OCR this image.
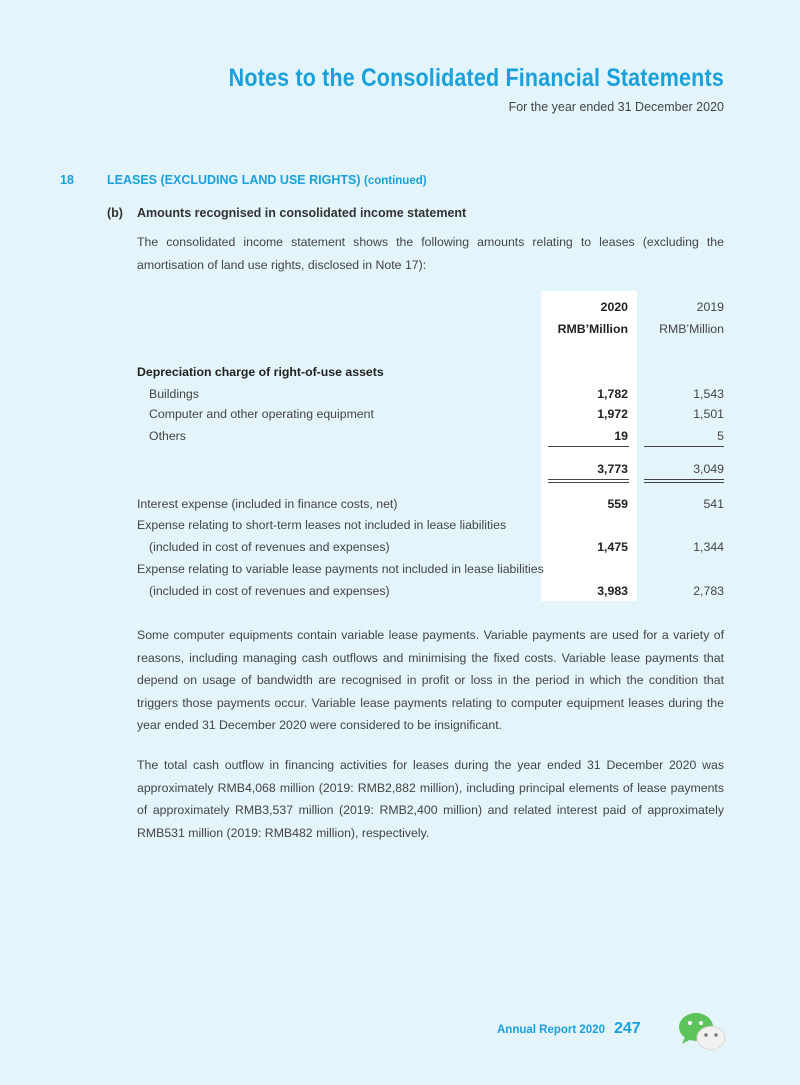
Notes to the Consolidated Financial Statements
For the year ended 31 December 2020
18	LEASES (EXCLUDING LAND USE RIGHTS) (continued)
(b) Amounts recognised in consolidated income statement

The consolidated income statement shows the following amounts relating to leases (excluding the amortisation of land use rights, disclosed in Note 17):

2020	2019
RMB’Million	RMB’Million
Depreciation charge of right-of-use assets
Buildings	1,782	1,543
Computer and other operating equipment	1,972	1,501
Others	19	5
3,773	3,049
Interest expense (included in finance costs, net)	559	541
Expense relating to short-term leases not included in lease liabilities
(included in cost of revenues and expenses)	1,475	1,344
Expense relating to variable lease payments not included in lease liabilities
(included in cost of revenues and expenses)	3,983	2,783

Some computer equipments contain variable lease payments. Variable payments are used for a variety of reasons, including managing cash outflows and minimising the fixed costs. Variable lease payments that depend on usage of bandwidth are recognised in profit or loss in the period in which the condition that triggers those payments occur. Variable lease payments relating to computer equipment leases during the year ended 31 December 2020 were considered to be insignificant.

The total cash outflow in financing activities for leases during the year ended 31 December 2020 was approximately RMB4,068 million (2019: RMB2,882 million), including principal elements of lease payments of approximately RMB3,537 million (2019: RMB2,400 million) and related interest paid of approximately RMB531 million (2019: RMB482 million), respectively.

Annual Report 2020 247
